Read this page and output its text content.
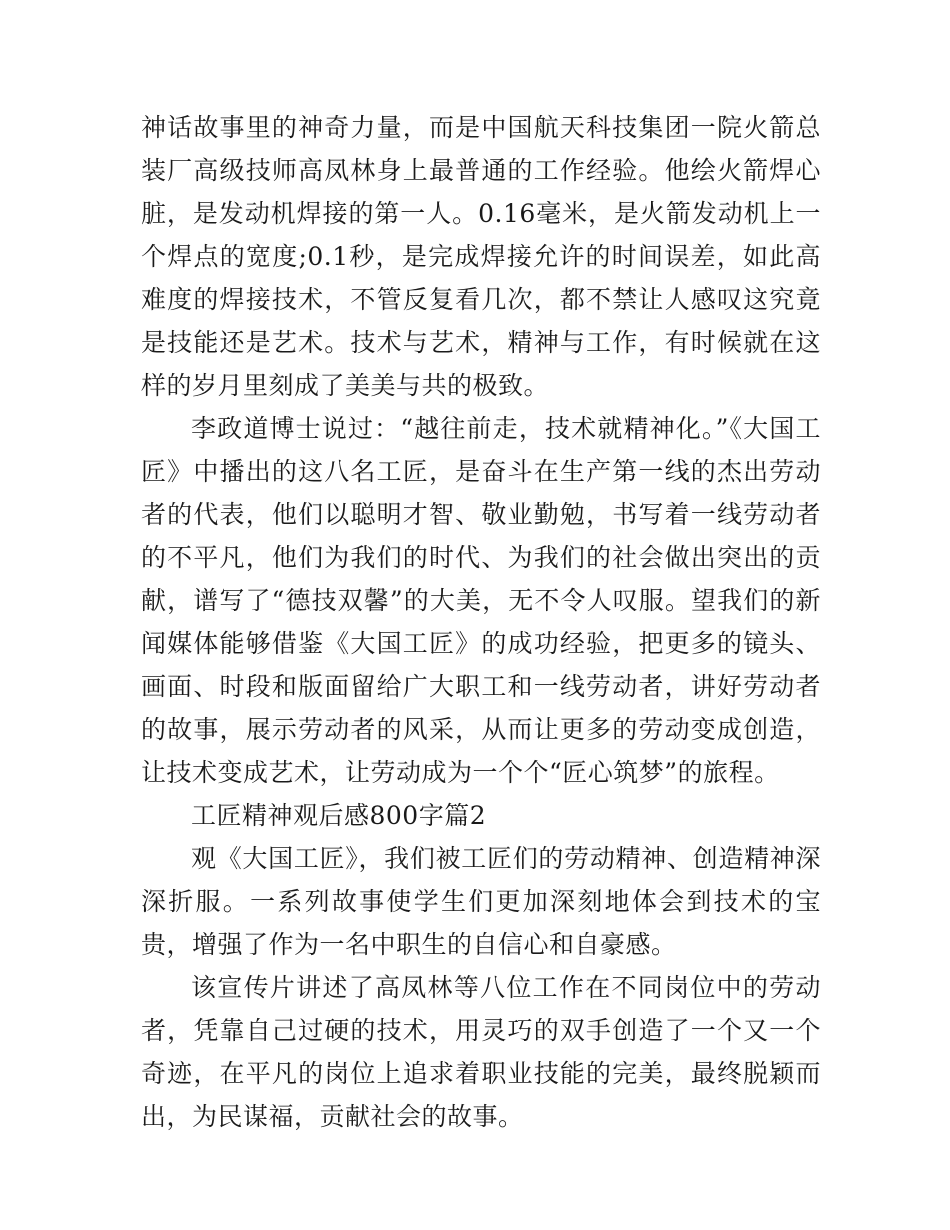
神话故事里的神奇力量，而是中国航天科技集团一院火箭总装厂高级技师高凤林身上最普通的工作经验。他绘火箭焊心脏，是发动机焊接的第一人。0.16毫米，是火箭发动机上一个焊点的宽度;0.1秒，是完成焊接允许的时间误差，如此高难度的焊接技术，不管反复看几次，都不禁让人感叹这究竟是技能还是艺术。技术与艺术，精神与工作，有时候就在这样的岁月里刻成了美美与共的极致。

李政道博士说过：“越往前走，技术就精神化。”《大国工匠》中播出的这八名工匠，是奋斗在生产第一线的杰出劳动者的代表，他们以聪明才智、敬业勤勉，书写着一线劳动者的不平凡，他们为我们的时代、为我们的社会做出突出的贡献，谱写了“德技双馨”的大美，无不令人叹服。望我们的新闻媒体能够借鉴《大国工匠》的成功经验，把更多的镜头、画面、时段和版面留给广大职工和一线劳动者，讲好劳动者的故事，展示劳动者的风采，从而让更多的劳动变成创造，让技术变成艺术，让劳动成为一个个“匠心筑梦”的旅程。

工匠精神观后感800字篇2

观《大国工匠》，我们被工匠们的劳动精神、创造精神深深折服。一系列故事使学生们更加深刻地体会到技术的宝贵，增强了作为一名中职生的自信心和自豪感。

该宣传片讲述了高凤林等八位工作在不同岗位中的劳动者，凭靠自己过硬的技术，用灵巧的双手创造了一个又一个奇迹，在平凡的岗位上追求着职业技能的完美，最终脱颖而出，为民谋福，贡献社会的故事。
